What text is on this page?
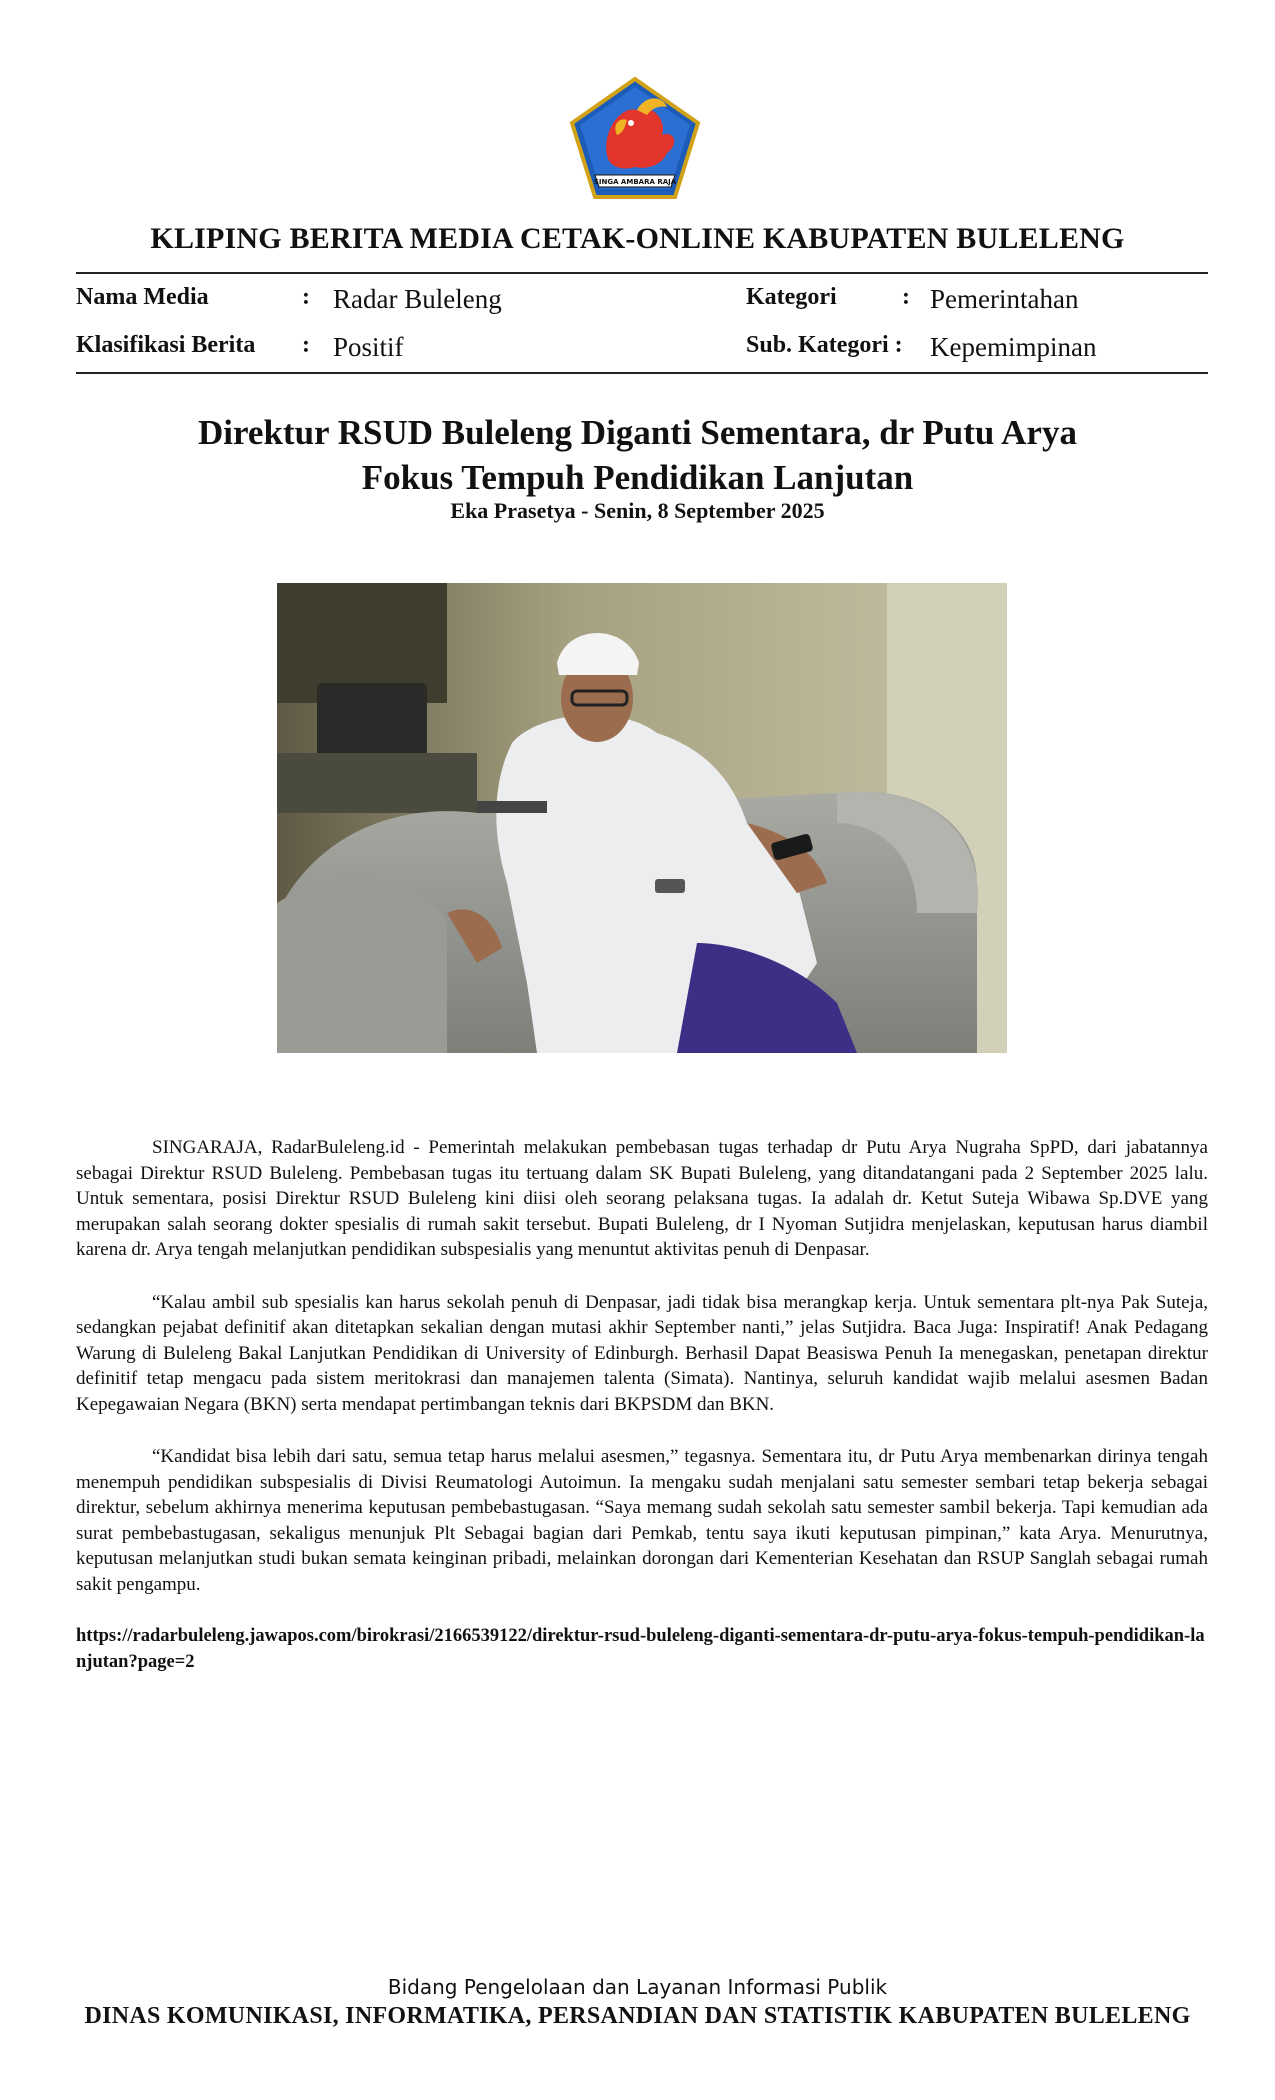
SINGA AMBARA RAJA
KLIPING BERITA MEDIA CETAK-ONLINE KABUPATEN BULELENG
Nama Media	: Radar Buleleng	Kategori	: Pemerintahan
Klasifikasi Berita : Positif	Sub. Kategori : Kepemimpinan
Direktur RSUD Buleleng Diganti Sementara, dr Putu Arya
Fokus Tempuh Pendidikan Lanjutan
Eka Prasetya - Senin, 8 September 2025

SINGARAJA, RadarBuleleng.id - Pemerintah melakukan pembebasan tugas terhadap dr Putu Arya Nugraha SpPD, dari jabatannya sebagai Direktur RSUD Buleleng. Pembebasan tugas itu tertuang dalam SK Bupati Buleleng, yang ditandatangani pada 2 September 2025 lalu. Untuk sementara, posisi Direktur RSUD Buleleng kini diisi oleh seorang pelaksana tugas. Ia adalah dr. Ketut Suteja Wibawa Sp.DVE yang merupakan salah seorang dokter spesialis di rumah sakit tersebut. Bupati Buleleng, dr I Nyoman Sutjidra menjelaskan, keputusan harus diambil karena dr. Arya tengah melanjutkan pendidikan subspesialis yang menuntut aktivitas penuh di Denpasar.

“Kalau ambil sub spesialis kan harus sekolah penuh di Denpasar, jadi tidak bisa merangkap kerja. Untuk sementara plt-nya Pak Suteja, sedangkan pejabat definitif akan ditetapkan sekalian dengan mutasi akhir September nanti,” jelas Sutjidra. Baca Juga: Inspiratif! Anak Pedagang Warung di Buleleng Bakal Lanjutkan Pendidikan di University of Edinburgh. Berhasil Dapat Beasiswa Penuh Ia menegaskan, penetapan direktur definitif tetap mengacu pada sistem meritokrasi dan manajemen talenta (Simata). Nantinya, seluruh kandidat wajib melalui asesmen Badan Kepegawaian Negara (BKN) serta mendapat pertimbangan teknis dari BKPSDM dan BKN.

“Kandidat bisa lebih dari satu, semua tetap harus melalui asesmen,” tegasnya. Sementara itu, dr Putu Arya membenarkan dirinya tengah menempuh pendidikan subspesialis di Divisi Reumatologi Autoimun. Ia mengaku sudah menjalani satu semester sembari tetap bekerja sebagai direktur, sebelum akhirnya menerima keputusan pembebastugasan. “Saya memang sudah sekolah satu semester sambil bekerja. Tapi kemudian ada surat pembebastugasan, sekaligus menunjuk Plt Sebagai bagian dari Pemkab, tentu saya ikuti keputusan pimpinan,” kata Arya. Menurutnya, keputusan melanjutkan studi bukan semata keinginan pribadi, melainkan dorongan dari Kementerian Kesehatan dan RSUP Sanglah sebagai rumah sakit pengampu.

https://radarbuleleng.jawapos.com/birokrasi/2166539122/direktur-rsud-buleleng-diganti-sementara-dr-putu-arya-fokus-tempuh-pendidikan-lanjutan?page=2

Bidang Pengelolaan dan Layanan Informasi Publik
DINAS KOMUNIKASI, INFORMATIKA, PERSANDIAN DAN STATISTIK KABUPATEN BULELENG
